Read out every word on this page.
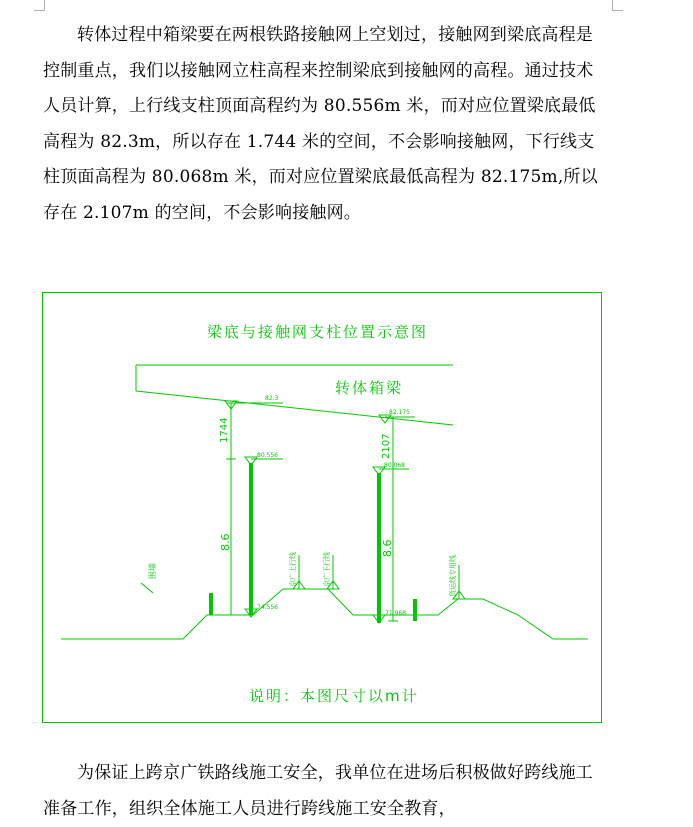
转体过程中箱梁要在两根铁路接触网上空划过，接触网到梁底高程是控制重点，我们以接触网立柱高程来控制梁底到接触网的高程。通过技术人员计算，上行线支柱顶面高程约为 80.556m 米，而对应位置梁底最低高程为 82.3m，所以存在 1.744 米的空间，不会影响接触网，下行线支柱顶面高程为 80.068m 米，而对应位置梁底最低高程为 82.175m,所以存在 2.107m 的空间，不会影响接触网。

82.3
82.175
80.556
80.068
74.556
71.968
1744
2107
8.6	8.6
围墙	京广上行线	京广下行线	货运线专用线
梁底与接触网支柱位置示意图
转体箱梁
说明：本图尺寸以m计

为保证上跨京广铁路线施工安全，我单位在进场后积极做好跨线施工准备工作，组织全体施工人员进行跨线施工安全教育，
